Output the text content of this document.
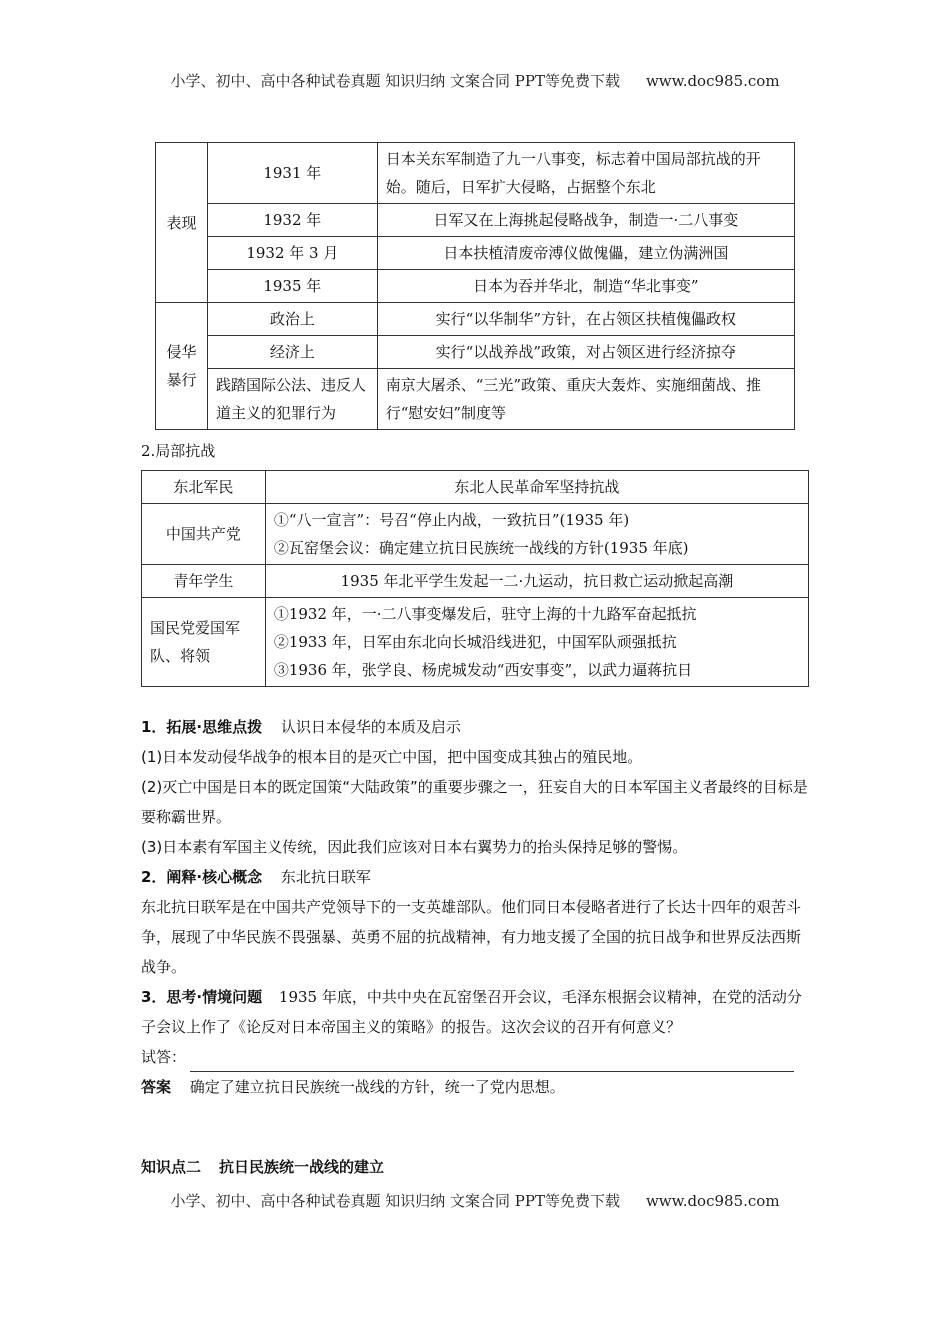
小学、初中、高中各种试卷真题 知识归纳 文案合同 PPT等免费下载 www.doc985.com
表现	1931 年	日本关东军制造了九一八事变，标志着中国局部抗战的开始。随后，日军扩大侵略，占据整个东北
	1932 年	日军又在上海挑起侵略战争，制造一·二八事变
	1932 年 3 月	日本扶植清废帝溥仪做傀儡，建立伪满洲国
	1935 年	日本为吞并华北，制造“华北事变”
侵华暴行	政治上	实行“以华制华”方针，在占领区扶植傀儡政权
	经济上	实行“以战养战”政策，对占领区进行经济掠夺
	践踏国际公法、违反人道主义的犯罪行为	南京大屠杀、“三光”政策、重庆大轰炸、实施细菌战、推行“慰安妇”制度等
2.局部抗战
东北军民	东北人民革命军坚持抗战
中国共产党	①“八一宣言”：号召“停止内战，一致抗日”(1935 年)
②瓦窑堡会议：确定建立抗日民族统一战线的方针(1935 年底)

青年学生	1935 年北平学生发起一二·九运动，抗日救亡运动掀起高潮
国民党爱国军队、将领	①1932 年，一·二八事变爆发后，驻守上海的十九路军奋起抵抗
②1933 年，日军由东北向长城沿线进犯，中国军队顽强抵抗
③1936 年，张学良、杨虎城发动“西安事变”，以武力逼蒋抗日
1．拓展·思维点拨 认识日本侵华的本质及启示
(1)日本发动侵华战争的根本目的是灭亡中国，把中国变成其独占的殖民地。
(2)灭亡中国是日本的既定国策“大陆政策”的重要步骤之一，狂妄自大的日本军国主义者最终的目标是要称霸世界。
(3)日本素有军国主义传统，因此我们应该对日本右翼势力的抬头保持足够的警惕。
2．阐释·核心概念 东北抗日联军
东北抗日联军是在中国共产党领导下的一支英雄部队。他们同日本侵略者进行了长达十四年的艰苦斗争，展现了中华民族不畏强暴、英勇不屈的抗战精神，有力地支援了全国的抗日战争和世界反法西斯战争。
3．思考·情境问题 1935 年底，中共中央在瓦窑堡召开会议，毛泽东根据会议精神，在党的活动分子会议上作了《论反对日本帝国主义的策略》的报告。这次会议的召开有何意义？
试答：
答案 确定了建立抗日民族统一战线的方针，统一了党内思想。
知识点二 抗日民族统一战线的建立
小学、初中、高中各种试卷真题 知识归纳 文案合同 PPT等免费下载 www.doc985.com
